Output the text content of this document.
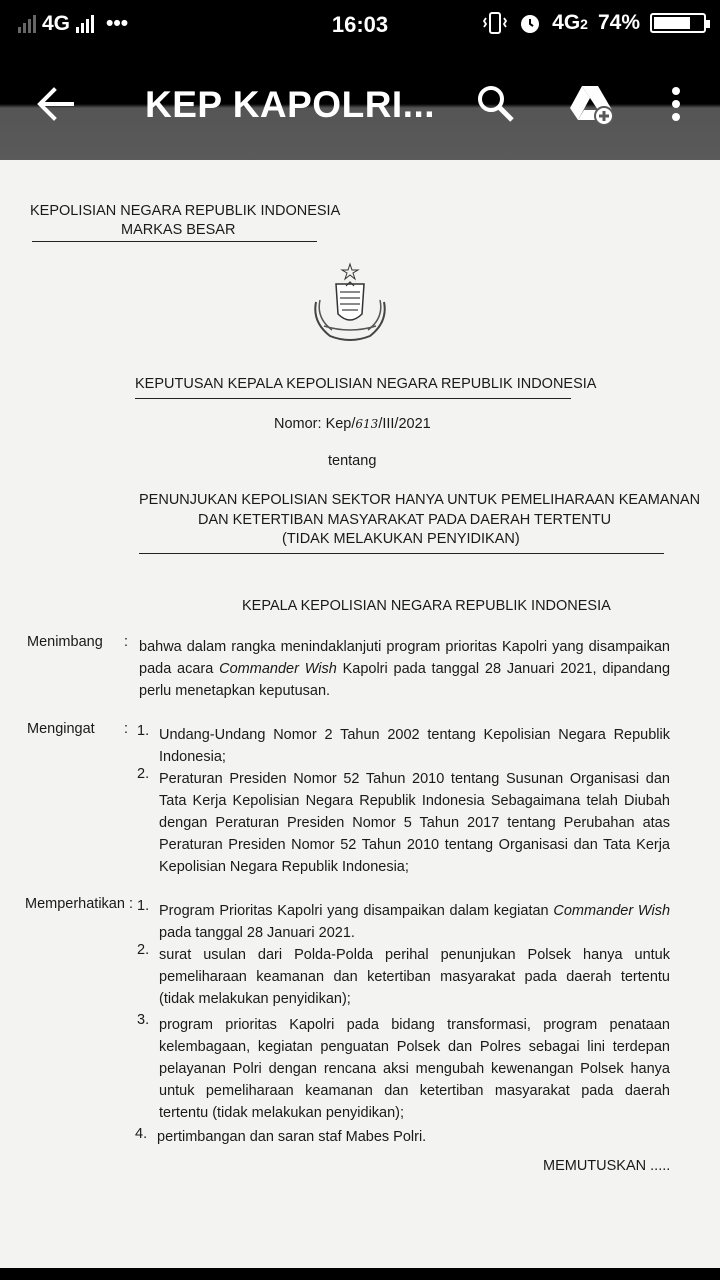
4G •••	16:03	4G2 74%
KEP KAPOLRI...
KEPOLISIAN NEGARA REPUBLIK INDONESIA
MARKAS BESAR
KEPUTUSAN KEPALA KEPOLISIAN NEGARA REPUBLIK INDONESIA
Nomor: Kep/613/III/2021
tentang
PENUNJUKAN KEPOLISIAN SEKTOR HANYA UNTUK PEMELIHARAAN KEAMANAN
DAN KETERTIBAN MASYARAKAT PADA DAERAH TERTENTU
(TIDAK MELAKUKAN PENYIDIKAN)
KEPALA KEPOLISIAN NEGARA REPUBLIK INDONESIA
Menimbang : bahwa dalam rangka menindaklanjuti program prioritas Kapolri yang disampaikan pada acara Commander Wish Kapolri pada tanggal 28 Januari 2021, dipandang perlu menetapkan keputusan.
Mengingat : 1. Undang-Undang Nomor 2 Tahun 2002 tentang Kepolisian Negara Republik Indonesia;
2. Peraturan Presiden Nomor 52 Tahun 2010 tentang Susunan Organisasi dan Tata Kerja Kepolisian Negara Republik Indonesia Sebagaimana telah Diubah dengan Peraturan Presiden Nomor 5 Tahun 2017 tentang Perubahan atas Peraturan Presiden Nomor 52 Tahun 2010 tentang Organisasi dan Tata Kerja Kepolisian Negara Republik Indonesia;
Memperhatikan : 1. Program Prioritas Kapolri yang disampaikan dalam kegiatan Commander Wish pada tanggal 28 Januari 2021.
2. surat usulan dari Polda-Polda perihal penunjukan Polsek hanya untuk pemeliharaan keamanan dan ketertiban masyarakat pada daerah tertentu (tidak melakukan penyidikan);
3. program prioritas Kapolri pada bidang transformasi, program penataan kelembagaan, kegiatan penguatan Polsek dan Polres sebagai lini terdepan pelayanan Polri dengan rencana aksi mengubah kewenangan Polsek hanya untuk pemeliharaan keamanan dan ketertiban masyarakat pada daerah tertentu (tidak melakukan penyidikan);
4. pertimbangan dan saran staf Mabes Polri.
MEMUTUSKAN .....
